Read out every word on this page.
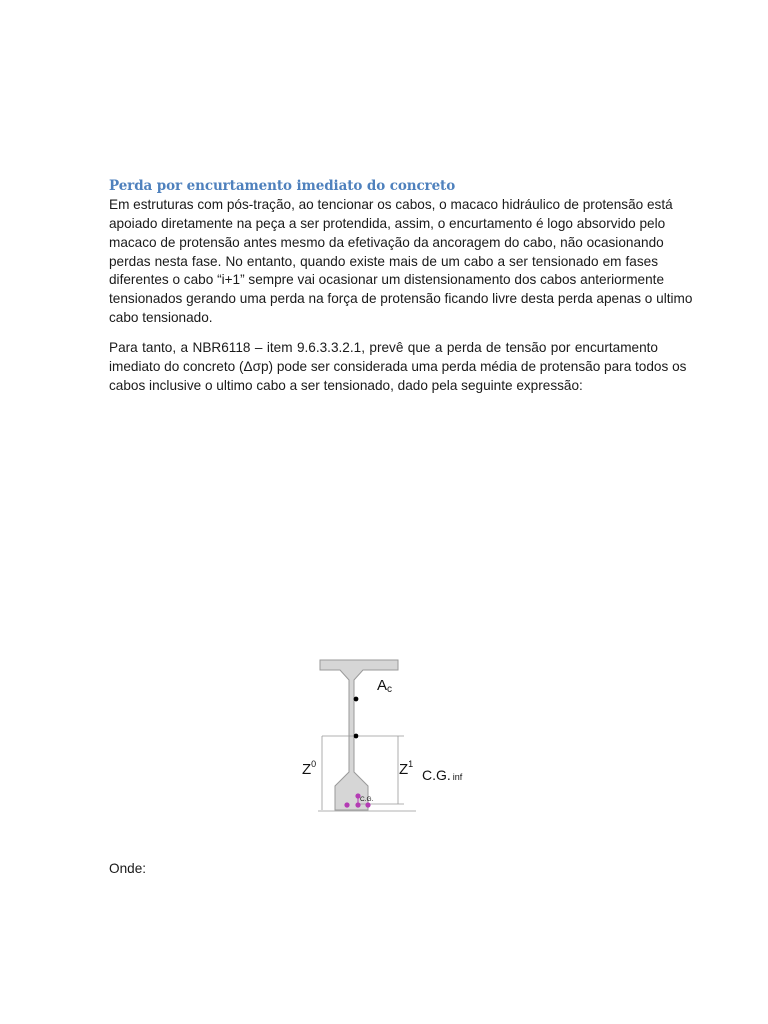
Perda por encurtamento imediato do concreto

Em estruturas com pós-tração, ao tencionar os cabos, o macaco hidráulico de protensão está
apoiado diretamente na peça a ser protendida, assim, o encurtamento é logo absorvido pelo
macaco de protensão antes mesmo da efetivação da ancoragem do cabo, não ocasionando
perdas nesta fase. No entanto, quando existe mais de um cabo a ser tensionado em fases
diferentes o cabo “i+1” sempre vai ocasionar um distensionamento dos cabos anteriormente
tensionados gerando uma perda na força de protensão ficando livre desta perda apenas o ultimo
cabo tensionado.

Para tanto, a NBR6118 – item 9.6.3.3.2.1, prevê que a perda de tensão por encurtamento
imediato do concreto (Δσp) pode ser considerada uma perda média de protensão para todos os
cabos inclusive o ultimo cabo a ser tensionado, dado pela seguinte expressão:

Ac
$Z^0$	$Z^1$
C.G. inf
C.G.

Onde:
